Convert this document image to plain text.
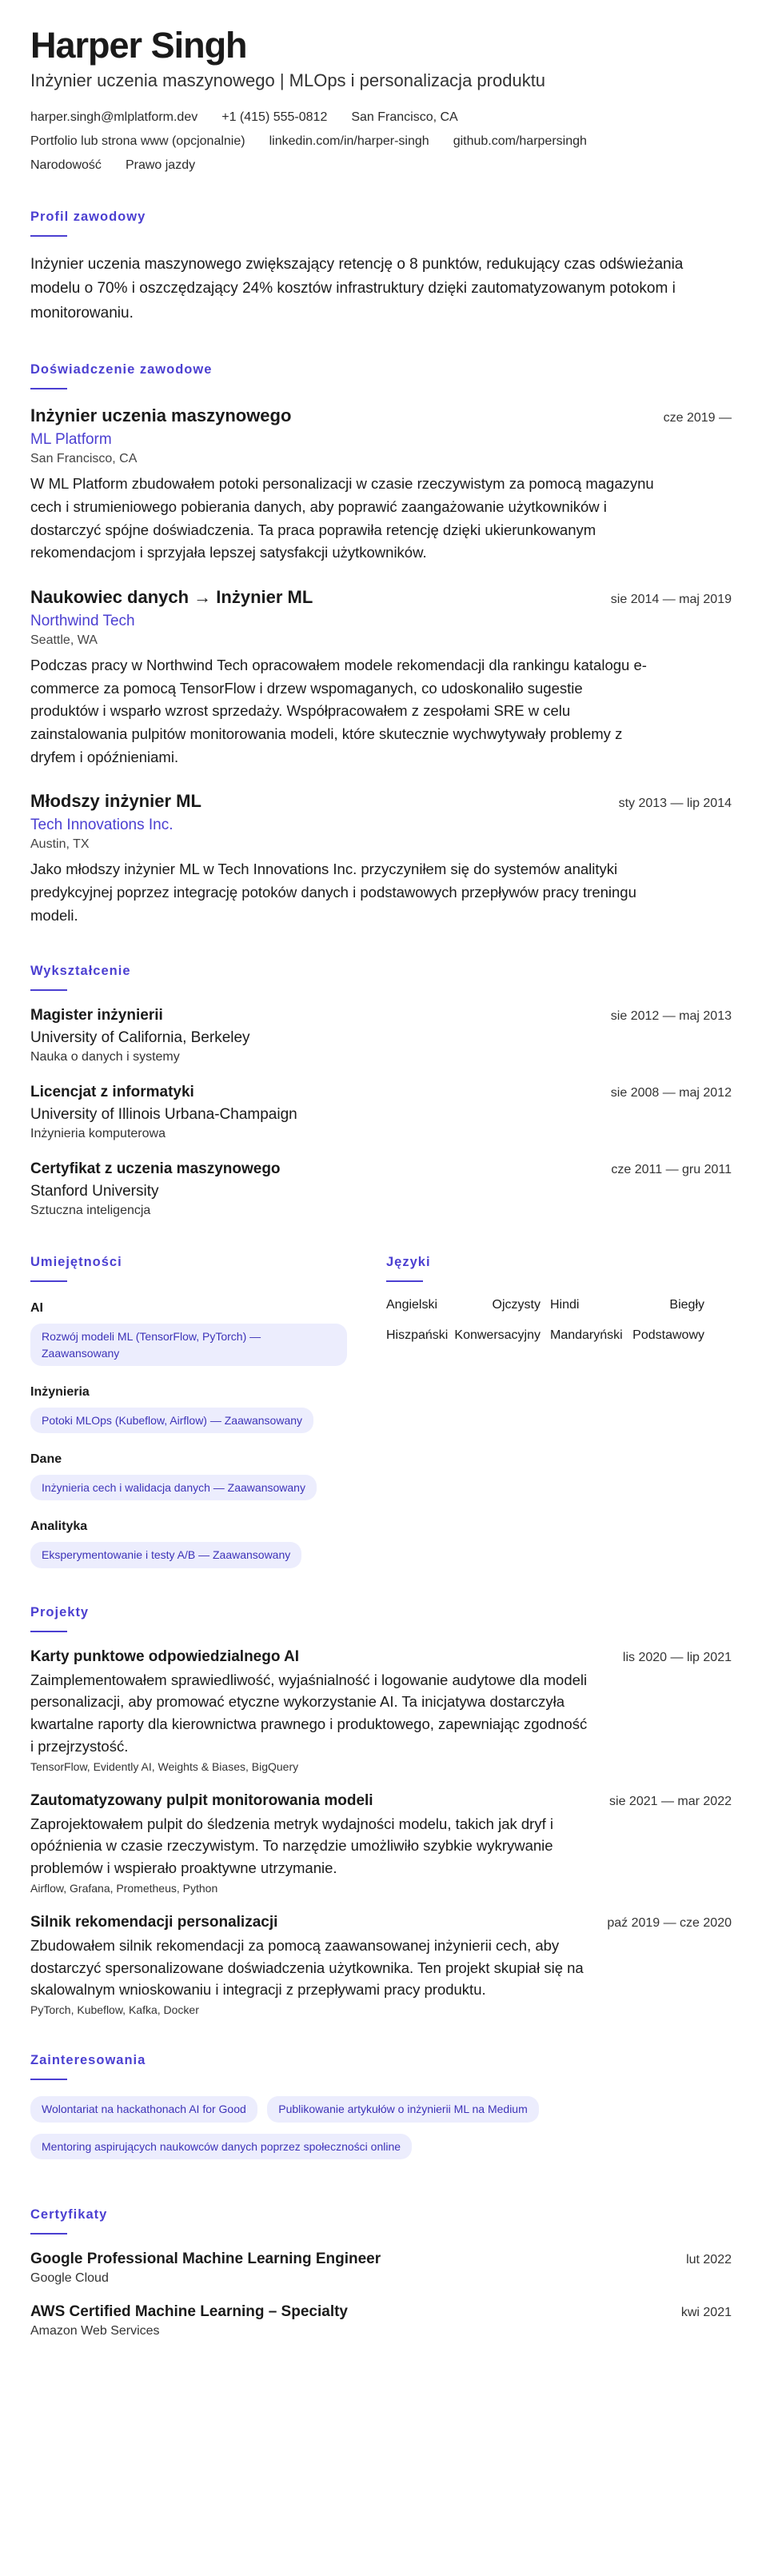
Harper Singh
Inżynier uczenia maszynowego | MLOps i personalizacja produktu
harper.singh@mlplatform.dev +1 (415) 555-0812 San Francisco, CA
Portfolio lub strona www (opcjonalnie) linkedin.com/in/harper-singh github.com/harpersingh
Narodowość Prawo jazdy
Profil zawodowy

Inżynier uczenia maszynowego zwiększający retencję o 8 punktów, redukujący czas odświeżania modelu o 70% i oszczędzający 24% kosztów infrastruktury dzięki zautomatyzowanym potokom i monitorowaniu.

Doświadczenie zawodowe
Inżynier uczenia maszynowego	cze 2019 —
ML Platform
San Francisco, CA

W ML Platform zbudowałem potoki personalizacji w czasie rzeczywistym za pomocą magazynu cech i strumieniowego pobierania danych, aby poprawić zaangażowanie użytkowników i dostarczyć spójne doświadczenia. Ta praca poprawiła retencję dzięki ukierunkowanym rekomendacjom i sprzyjała lepszej satysfakcji użytkowników.

Naukowiec danych → Inżynier ML	sie 2014 — maj 2019
Northwind Tech
Seattle, WA

Podczas pracy w Northwind Tech opracowałem modele rekomendacji dla rankingu katalogu e-commerce za pomocą TensorFlow i drzew wspomaganych, co udoskonaliło sugestie produktów i wsparło wzrost sprzedaży. Współpracowałem z zespołami SRE w celu zainstalowania pulpitów monitorowania modeli, które skutecznie wychwytywały problemy z dryfem i opóźnieniami.

Młodszy inżynier ML	sty 2013 — lip 2014
Tech Innovations Inc.
Austin, TX

Jako młodszy inżynier ML w Tech Innovations Inc. przyczyniłem się do systemów analityki predykcyjnej poprzez integrację potoków danych i podstawowych przepływów pracy treningu modeli.

Wykształcenie
Magister inżynierii	sie 2012 — maj 2013
University of California, Berkeley
Nauka o danych i systemy
Licencjat z informatyki	sie 2008 — maj 2012
University of Illinois Urbana-Champaign
Inżynieria komputerowa
Certyfikat z uczenia maszynowego	cze 2011 — gru 2011
Stanford University
Sztuczna inteligencja
Umiejętności
AI
Rozwój modeli ML (TensorFlow, PyTorch) — Zaawansowany
Inżynieria
Potoki MLOps (Kubeflow, Airflow) — Zaawansowany
Dane
Inżynieria cech i walidacja danych — Zaawansowany
Analityka
Eksperymentowanie i testy A/B — Zaawansowany
Języki
Angielski	Ojczysty Hindi	Biegły
Hiszpański Konwersacyjny Mandaryński Podstawowy
Projekty
Karty punktowe odpowiedzialnego AI	lis 2020 — lip 2021

Zaimplementowałem sprawiedliwość, wyjaśnialność i logowanie audytowe dla modeli personalizacji, aby promować etyczne wykorzystanie AI. Ta inicjatywa dostarczyła kwartalne raporty dla kierownictwa prawnego i produktowego, zapewniając zgodność i przejrzystość.

TensorFlow, Evidently AI, Weights & Biases, BigQuery
Zautomatyzowany pulpit monitorowania modeli	sie 2021 — mar 2022

Zaprojektowałem pulpit do śledzenia metryk wydajności modelu, takich jak dryf i opóźnienia w czasie rzeczywistym. To narzędzie umożliwiło szybkie wykrywanie problemów i wspierało proaktywne utrzymanie.

Airflow, Grafana, Prometheus, Python
Silnik rekomendacji personalizacji	paź 2019 — cze 2020

Zbudowałem silnik rekomendacji za pomocą zaawansowanej inżynierii cech, aby dostarczyć spersonalizowane doświadczenia użytkownika. Ten projekt skupiał się na skalowalnym wnioskowaniu i integracji z przepływami pracy produktu.

PyTorch, Kubeflow, Kafka, Docker
Zainteresowania
Wolontariat na hackathonach AI for Good	Publikowanie artykułów o inżynierii ML na Medium Mentoring aspirujących naukowców danych poprzez społeczności online
Certyfikaty
Google Professional Machine Learning Engineer
Google Cloud
lut 2022
AWS Certified Machine Learning – Specialty
Amazon Web Services
kwi 2021
